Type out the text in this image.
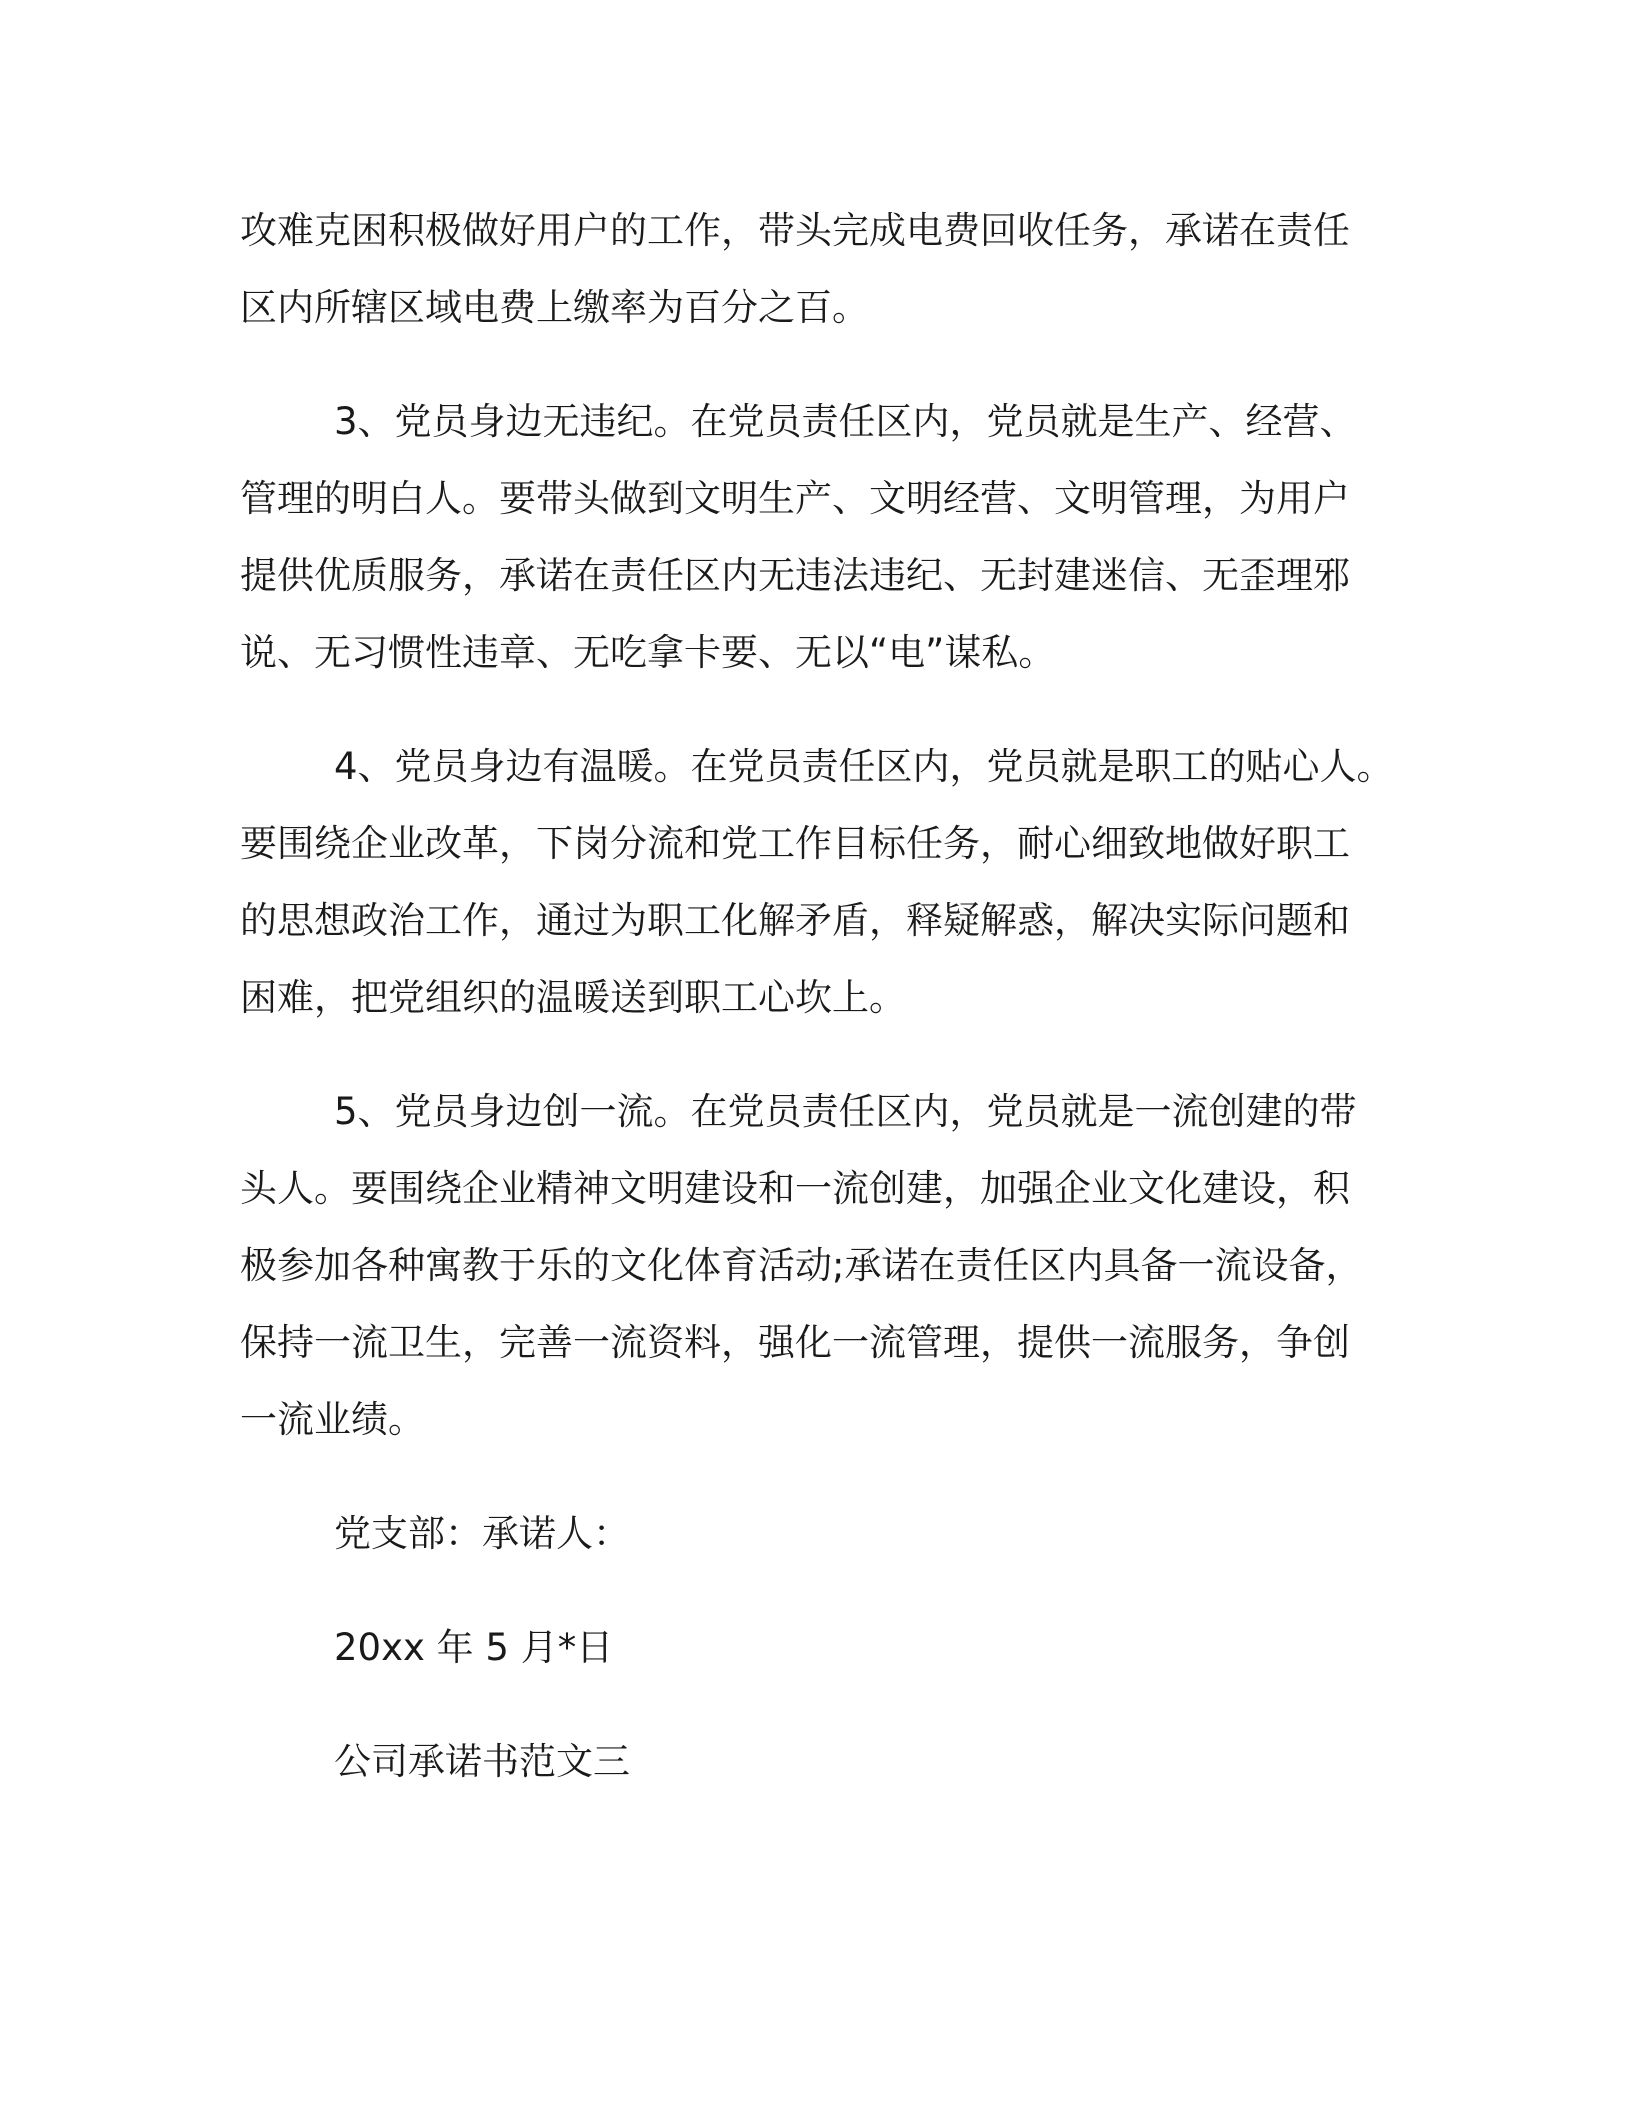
攻难克困积极做好用户的工作，带头完成电费回收任务，承诺在责任
区内所辖区域电费上缴率为百分之百。
3、党员身边无违纪。在党员责任区内，党员就是生产、经营、
管理的明白人。要带头做到文明生产、文明经营、文明管理，为用户
提供优质服务，承诺在责任区内无违法违纪、无封建迷信、无歪理邪
说、无习惯性违章、无吃拿卡要、无以“电”谋私。
4、党员身边有温暖。在党员责任区内，党员就是职工的贴心人。
要围绕企业改革，下岗分流和党工作目标任务，耐心细致地做好职工
的思想政治工作，通过为职工化解矛盾，释疑解惑，解决实际问题和
困难，把党组织的温暖送到职工心坎上。
5、党员身边创一流。在党员责任区内，党员就是一流创建的带
头人。要围绕企业精神文明建设和一流创建，加强企业文化建设，积
极参加各种寓教于乐的文化体育活动;承诺在责任区内具备一流设备，
保持一流卫生，完善一流资料，强化一流管理，提供一流服务，争创
一流业绩。
党支部：承诺人：
20xx 年 5 月*日
公司承诺书范文三
